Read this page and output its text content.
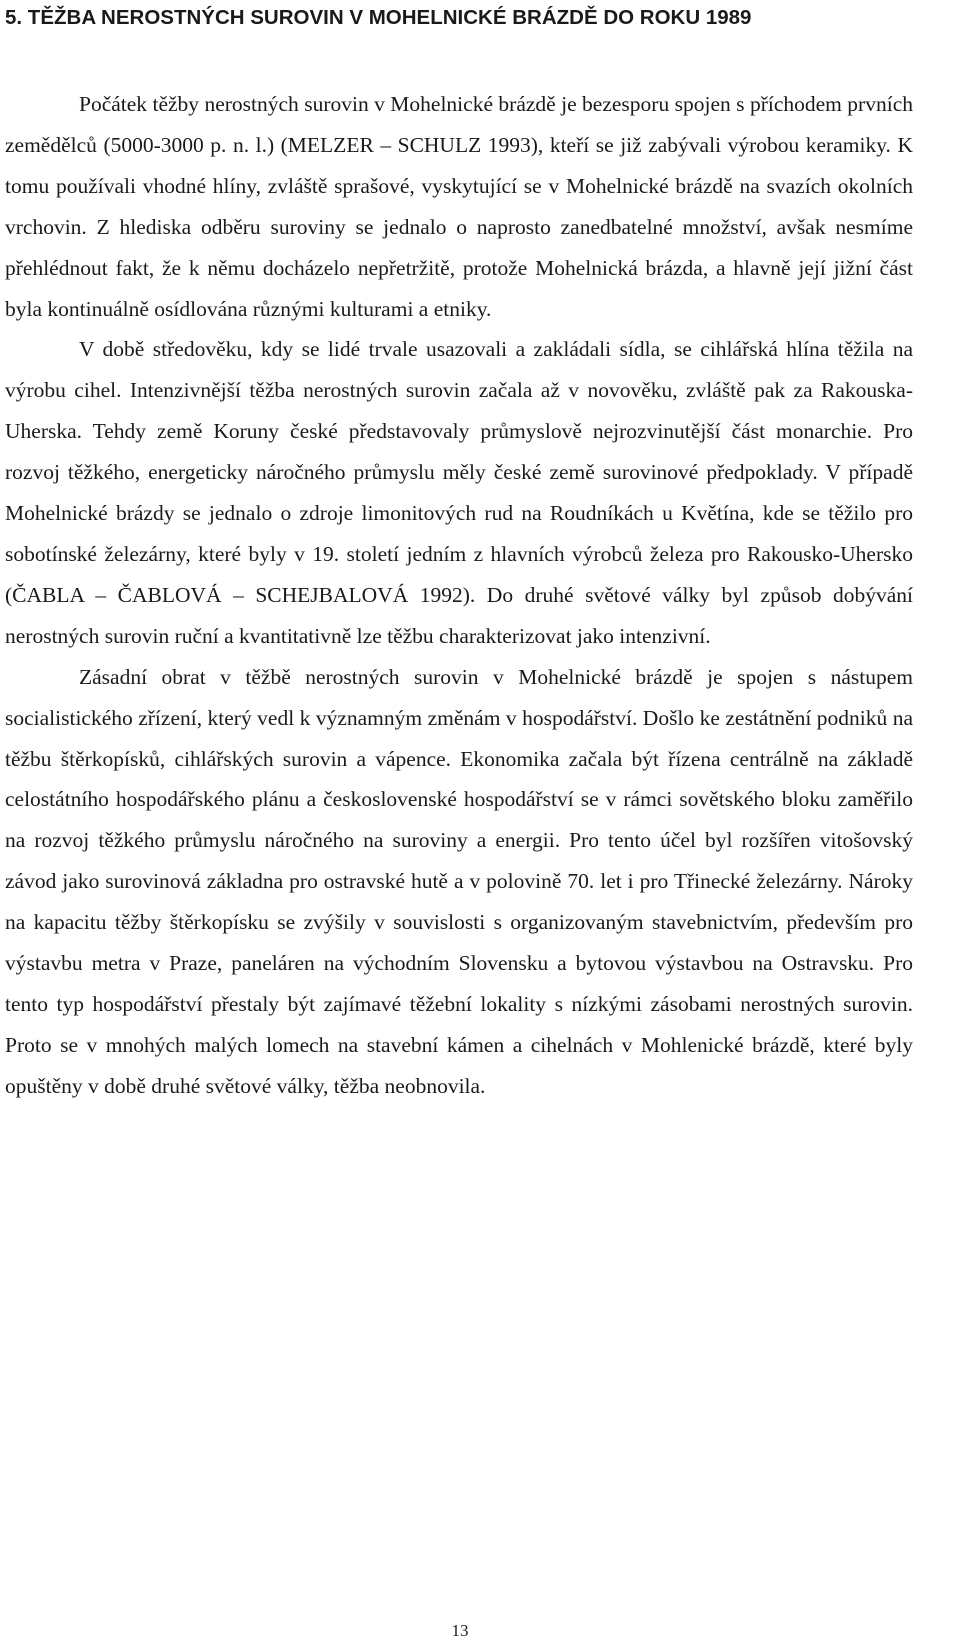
5. TĚŽBA NEROSTNÝCH SUROVIN V MOHELNICKÉ BRÁZDĚ DO ROKU 1989

Počátek těžby nerostných surovin v Mohelnické brázdě je bezesporu spojen s příchodem prvních zemědělců (5000-3000 p. n. l.) (MELZER – SCHULZ 1993), kteří se již zabývali výrobou keramiky. K tomu používali vhodné hlíny, zvláště sprašové, vyskytující se v Mohelnické brázdě na svazích okolních vrchovin. Z hlediska odběru suroviny se jednalo o naprosto zanedbatelné množství, avšak nesmíme přehlédnout fakt, že k němu docházelo nepřetržitě, protože Mohelnická brázda, a hlavně její jižní část byla kontinuálně osídlována různými kulturami a etniky.

V době středověku, kdy se lidé trvale usazovali a zakládali sídla, se cihlářská hlína těžila na výrobu cihel. Intenzivnější těžba nerostných surovin začala až v novověku, zvláště pak za Rakouska-Uherska. Tehdy země Koruny české představovaly průmyslově nejrozvinutější část monarchie. Pro rozvoj těžkého, energeticky náročného průmyslu měly české země surovinové předpoklady. V případě Mohelnické brázdy se jednalo o zdroje limonitových rud na Roudníkách u Květína, kde se těžilo pro sobotínské železárny, které byly v 19. století jedním z hlavních výrobců železa pro Rakousko-Uhersko (ČABLA – ČABLOVÁ – SCHEJBALOVÁ 1992). Do druhé světové války byl způsob dobývání nerostných surovin ruční a kvantitativně lze těžbu charakterizovat jako intenzivní.

Zásadní obrat v těžbě nerostných surovin v Mohelnické brázdě je spojen s nástupem socialistického zřízení, který vedl k významným změnám v hospodářství. Došlo ke zestátnění podniků na těžbu štěrkopísků, cihlářských surovin a vápence. Ekonomika začala být řízena centrálně na základě celostátního hospodářského plánu a československé hospodářství se v rámci sovětského bloku zaměřilo na rozvoj těžkého průmyslu náročného na suroviny a energii. Pro tento účel byl rozšířen vitošovský závod jako surovinová základna pro ostravské hutě a v polovině 70. let i pro Třinecké železárny. Nároky na kapacitu těžby štěrkopísku se zvýšily v souvislosti s organizovaným stavebnictvím, především pro výstavbu metra v Praze, paneláren na východním Slovensku a bytovou výstavbou na Ostravsku. Pro tento typ hospodářství přestaly být zajímavé těžební lokality s nízkými zásobami nerostných surovin. Proto se v mnohých malých lomech na stavební kámen a cihelnách v Mohlenické brázdě, které byly opuštěny v době druhé světové války, těžba neobnovila.

13
